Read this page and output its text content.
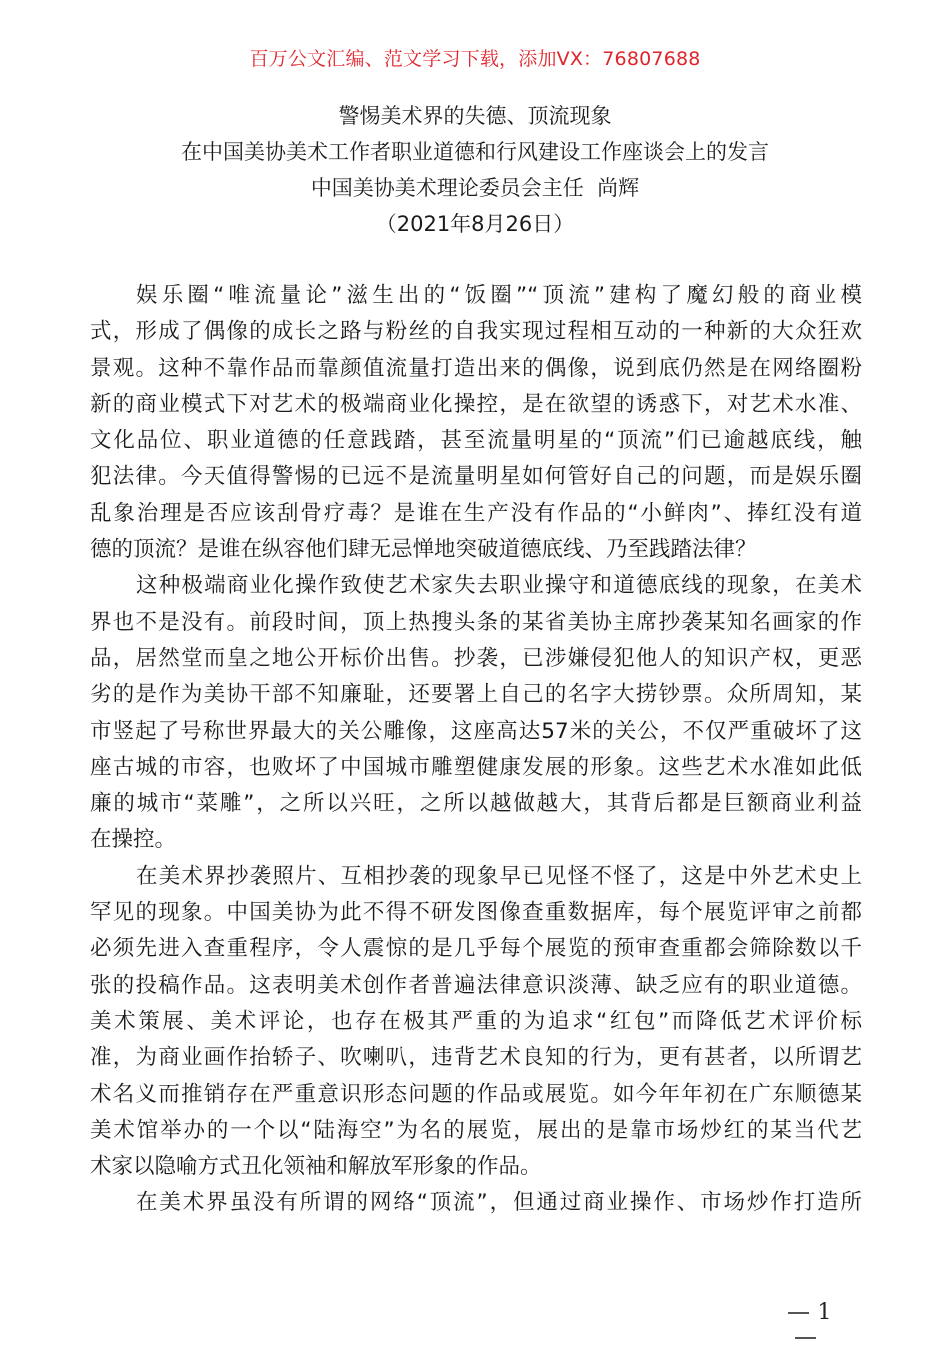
百万公文汇编、范文学习下载，添加VX：76807688
警惕美术界的失德、顶流现象
在中国美协美术工作者职业道德和行风建设工作座谈会上的发言
中国美协美术理论委员会主任  尚辉
（2021年8月26日）
娱乐圈“唯流量论”滋生出的“饭圈”“顶流”建构了魔幻般的商业模
式，形成了偶像的成长之路与粉丝的自我实现过程相互动的一种新的大众狂欢
景观。这种不靠作品而靠颜值流量打造出来的偶像，说到底仍然是在网络圈粉
新的商业模式下对艺术的极端商业化操控，是在欲望的诱惑下，对艺术水准、
文化品位、职业道德的任意践踏，甚至流量明星的“顶流”们已逾越底线，触
犯法律。今天值得警惕的已远不是流量明星如何管好自己的问题，而是娱乐圈
乱象治理是否应该刮骨疗毒？是谁在生产没有作品的“小鲜肉”、捧红没有道
德的顶流？是谁在纵容他们肆无忌惮地突破道德底线、乃至践踏法律？
这种极端商业化操作致使艺术家失去职业操守和道德底线的现象，在美术
界也不是没有。前段时间，顶上热搜头条的某省美协主席抄袭某知名画家的作
品，居然堂而皇之地公开标价出售。抄袭，已涉嫌侵犯他人的知识产权，更恶
劣的是作为美协干部不知廉耻，还要署上自己的名字大捞钞票。众所周知，某
市竖起了号称世界最大的关公雕像，这座高达57米的关公，不仅严重破坏了这
座古城的市容，也败坏了中国城市雕塑健康发展的形象。这些艺术水准如此低
廉的城市“菜雕”，之所以兴旺，之所以越做越大，其背后都是巨额商业利益
在操控。
在美术界抄袭照片、互相抄袭的现象早已见怪不怪了，这是中外艺术史上
罕见的现象。中国美协为此不得不研发图像查重数据库，每个展览评审之前都
必须先进入查重程序，令人震惊的是几乎每个展览的预审查重都会筛除数以千
张的投稿作品。这表明美术创作者普遍法律意识淡薄、缺乏应有的职业道德。
美术策展、美术评论，也存在极其严重的为追求“红包”而降低艺术评价标
准，为商业画作抬轿子、吹喇叭，违背艺术良知的行为，更有甚者，以所谓艺
术名义而推销存在严重意识形态问题的作品或展览。如今年年初在广东顺德某
美术馆举办的一个以“陆海空”为名的展览，展出的是靠市场炒红的某当代艺
术家以隐喻方式丑化领袖和解放军形象的作品。
在美术界虽没有所谓的网络“顶流”，但通过商业操作、市场炒作打造所
1
